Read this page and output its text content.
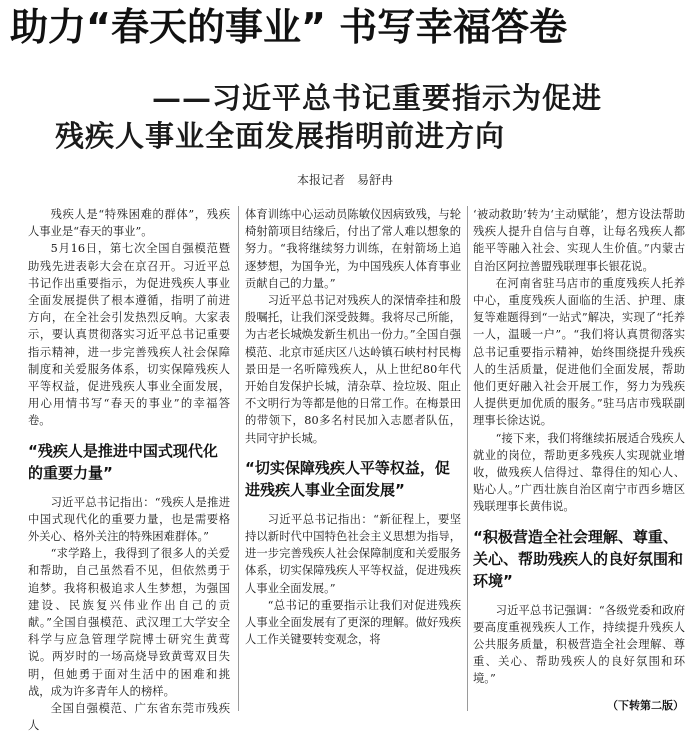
助力“春天的事业” 书写幸福答卷
——习近平总书记重要指示为促进
残疾人事业全面发展指明前进方向
本报记者　易舒冉

残疾人是“特殊困难的群体”，残疾人事业是“春天的事业”。

5月16日，第七次全国自强模范暨助残先进表彰大会在京召开。习近平总书记作出重要指示，为促进残疾人事业全面发展提供了根本遵循，指明了前进方向，在全社会引发热烈反响。大家表示，要认真贯彻落实习近平总书记重要指示精神，进一步完善残疾人社会保障制度和关爱服务体系，切实保障残疾人平等权益，促进残疾人事业全面发展，用心用情书写“春天的事业”的幸福答卷。

“残疾人是推进中国式现代化的重要力量”

习近平总书记指出：“残疾人是推进中国式现代化的重要力量，也是需要格外关心、格外关注的特殊困难群体。”

“求学路上，我得到了很多人的关爱和帮助，自己虽然看不见，但依然勇于追梦。我将积极追求人生梦想，为强国建设、民族复兴伟业作出自己的贡献。”全国自强模范、武汉理工大学安全科学与应急管理学院博士研究生黄莺说。两岁时的一场高烧导致黄莺双目失明，但她勇于面对生活中的困难和挑战，成为许多青年人的榜样。

全国自强模范、广东省东莞市残疾人

体育训练中心运动员陈敏仪因病致残，与轮椅射箭项目结缘后，付出了常人难以想象的努力。“我将继续努力训练，在射箭场上追逐梦想，为国争光，为中国残疾人体育事业贡献自己的力量。”

习近平总书记对残疾人的深情牵挂和殷殷嘱托，让我们深受鼓舞。我将尽己所能，为古老长城焕发新生机出一份力。”全国自强模范、北京市延庆区八达岭镇石峡村村民梅景田是一名听障残疾人，从上世纪80年代开始自发保护长城，清杂草、捡垃圾、阻止不文明行为等都是他的日常工作。在梅景田的带领下，80多名村民加入志愿者队伍，共同守护长城。

“切实保障残疾人平等权益，促进残疾人事业全面发展”

习近平总书记指出：“新征程上，要坚持以新时代中国特色社会主义思想为指导，进一步完善残疾人社会保障制度和关爱服务体系，切实保障残疾人平等权益，促进残疾人事业全面发展。”

“总书记的重要指示让我们对促进残疾人事业全面发展有了更深的理解。做好残疾人工作关键要转变观念，将

‘被动救助’转为‘主动赋能’，想方设法帮助残疾人提升自信与自尊，让每名残疾人都能平等融入社会、实现人生价值。”内蒙古自治区阿拉善盟残联理事长银花说。

在河南省驻马店市的重度残疾人托养中心，重度残疾人面临的生活、护理、康复等难题得到“一站式”解决，实现了“托养一人，温暖一户”。“我们将认真贯彻落实总书记重要指示精神，始终围绕提升残疾人的生活质量，促进他们全面发展，帮助他们更好融入社会开展工作，努力为残疾人提供更加优质的服务。”驻马店市残联副理事长徐达说。

“接下来，我们将继续拓展适合残疾人就业的岗位，帮助更多残疾人实现就业增收，做残疾人信得过、靠得住的知心人、贴心人。”广西壮族自治区南宁市西乡塘区残联理事长黄伟说。

“积极营造全社会理解、尊重、关心、帮助残疾人的良好氛围和环境”

习近平总书记强调：“各级党委和政府要高度重视残疾人工作，持续提升残疾人公共服务质量，积极营造全社会理解、尊重、关心、帮助残疾人的良好氛围和环境。”

（下转第二版）
